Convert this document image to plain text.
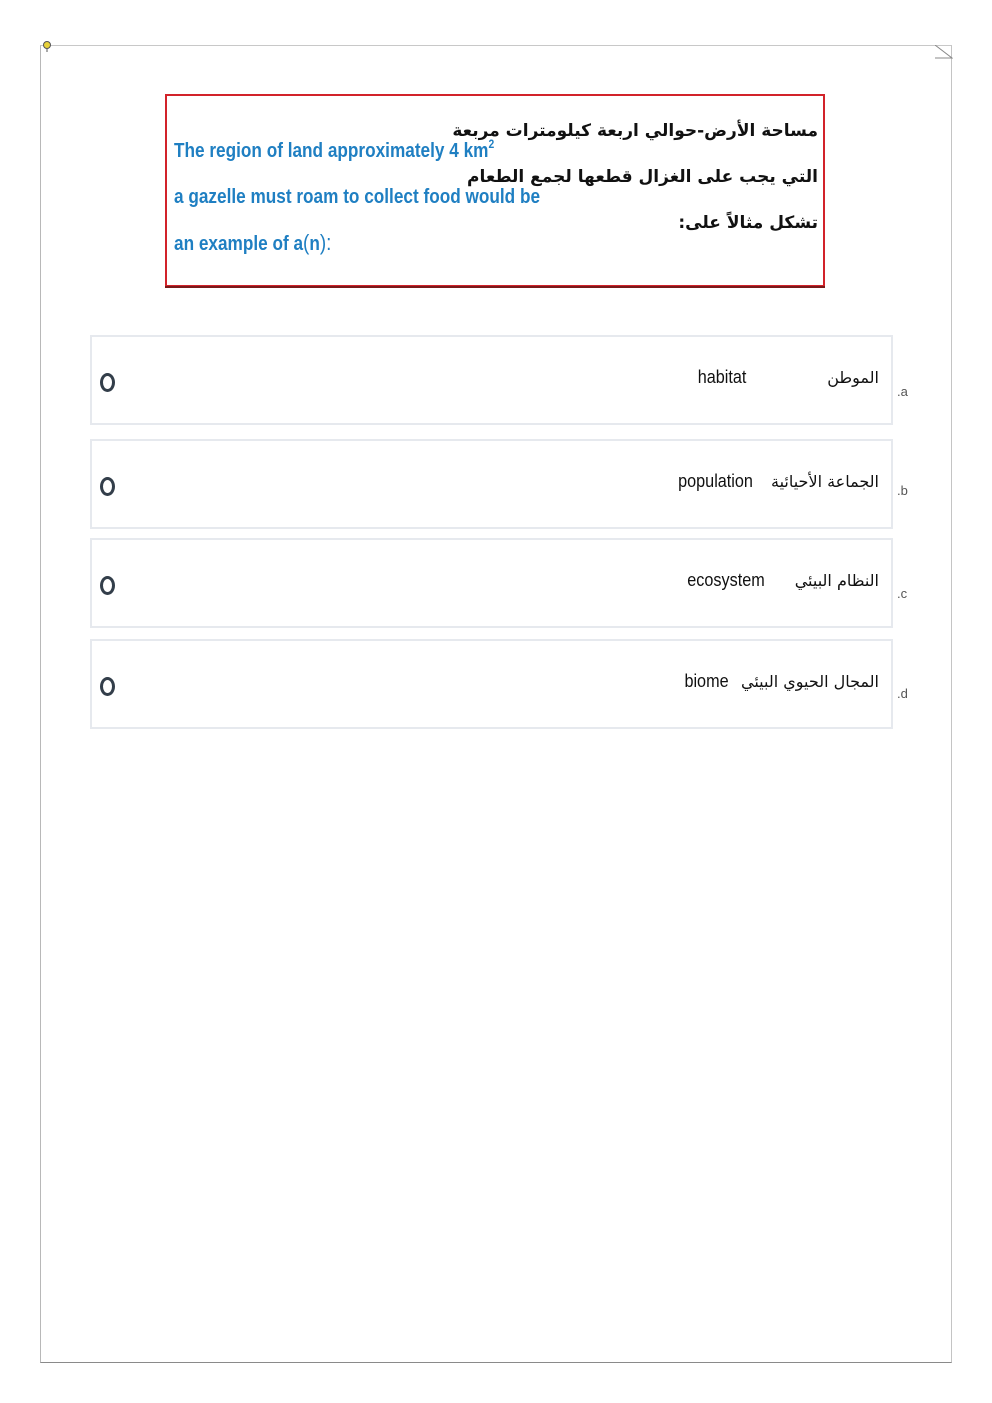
The region of land approximately 4 $km^2$
a gazelle must roam to collect food would be
an example of a(n):
مساحة الأرض-حوالي اربعة كيلومترات مربعة
التي يجب على الغزال قطعها لجمع الطعام
تشكل مثالاً على:
habitat	الموطن
.a
population الجماعة الأحيائية .b
ecosystem النظام البيئي
.c
biome المجال الحيوي البيئي
.d
